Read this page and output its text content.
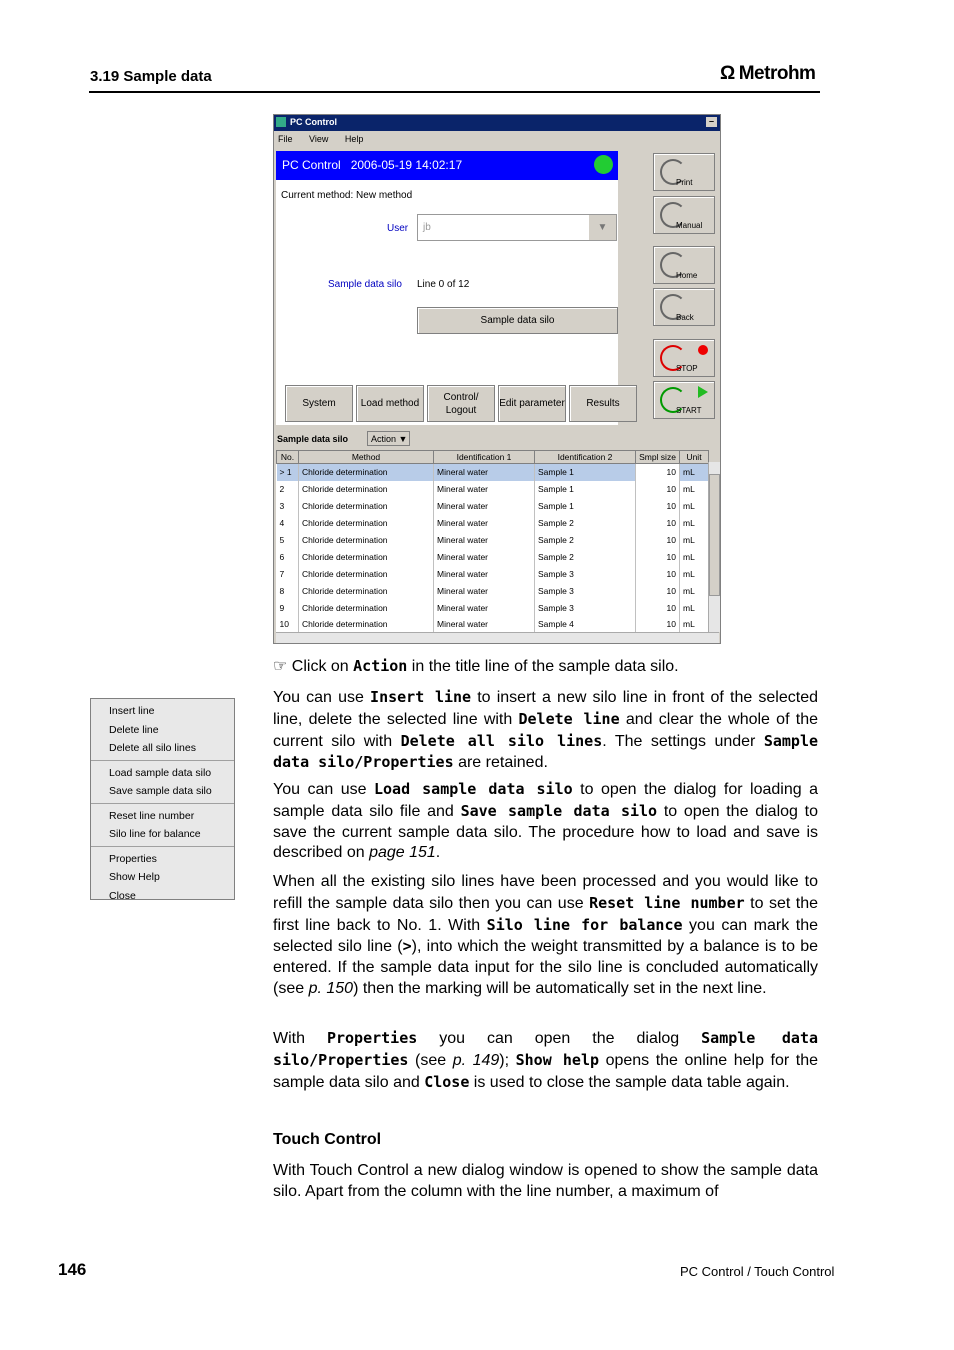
3.19 Sample data	Ω Metrohm
PC Control	–
File View Help
PC Control   2006-05-19 14:02:17
Current method: New method
User jb	▼
Sample data silo Line 0 of 12
Sample data silo
System	Load method
Control/ Logout
Edit parameter	Results
Print
Manual
Home
Back
STOP
START
Sample data silo	Action ▼
No.	Method	Identification 1	Identification 2	Smpl size	Unit
> 1	Chloride determination	Mineral water	Sample 1	10	mL
2	Chloride determination	Mineral water	Sample 1	10	mL
3	Chloride determination	Mineral water	Sample 1	10	mL
4	Chloride determination	Mineral water	Sample 2	10	mL
5	Chloride determination	Mineral water	Sample 2	10	mL
6	Chloride determination	Mineral water	Sample 2	10	mL
7	Chloride determination	Mineral water	Sample 3	10	mL
8	Chloride determination	Mineral water	Sample 3	10	mL
9	Chloride determination	Mineral water	Sample 3	10	mL
10	Chloride determination	Mineral water	Sample 4	10	mL
Insert line
Delete line
Delete all silo lines
Load sample data silo
Save sample data silo
Reset line number
Silo line for balance
Properties
Show Help
Close
☞ Click on Action in the title line of the sample data silo.
You can use Insert line to insert a new silo line in front of the selected line, delete the selected line with Delete line and clear the whole of the current silo with Delete all silo lines. The settings under Sample data silo/Properties are retained.
You can use Load sample data silo to open the dialog for loading a sample data silo file and Save sample data silo to open the dialog to save the current sample data silo. The procedure how to load and save is described on page 151.
When all the existing silo lines have been processed and you would like to refill the sample data silo then you can use Reset line number to set the first line back to No. 1. With Silo line for balance you can mark the selected silo line (>), into which the weight transmitted by a balance is to be entered. If the sample data input for the silo line is concluded automatically (see p. 150) then the marking will be automatically set in the next line.
With Properties you can open the dialog Sample data silo/Properties (see p. 149); Show help opens the online help for the sample data silo and Close is used to close the sample data table again.
Touch Control
With Touch Control a new dialog window is opened to show the sample data silo. Apart from the column with the line number, a maximum of
146	PC Control / Touch Control
